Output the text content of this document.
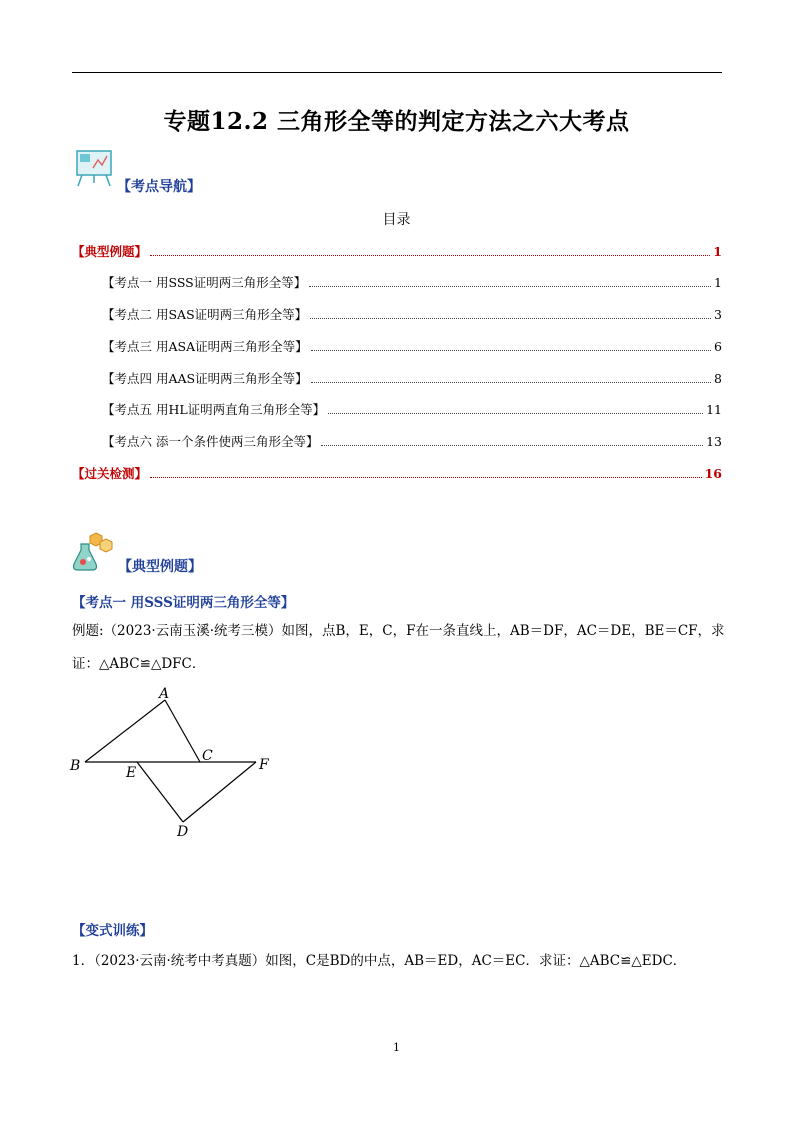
专题12.2 三角形全等的判定方法之六大考点
【考点导航】
目录
【典型例题】	1
【考点一 用SSS证明两三角形全等】	1
【考点二 用SAS证明两三角形全等】	3
【考点三 用ASA证明两三角形全等】	6
【考点四 用AAS证明两三角形全等】	8
【考点五 用HL证明两直角三角形全等】	11
【考点六 添一个条件使两三角形全等】	13
【过关检测】	16
【典型例题】
【考点一 用SSS证明两三角形全等】
例题:（2023·云南玉溪·统考三模）如图，点B，E，C，F在一条直线上，AB＝DF，AC＝DE，BE＝CF，求
证：△ABC≌△DFC．
A
B
C
E	F
D
【变式训练】
1．（2023·云南·统考中考真题）如图，C是BD的中点，AB＝ED，AC＝EC．求证：△ABC≌△EDC．
1
